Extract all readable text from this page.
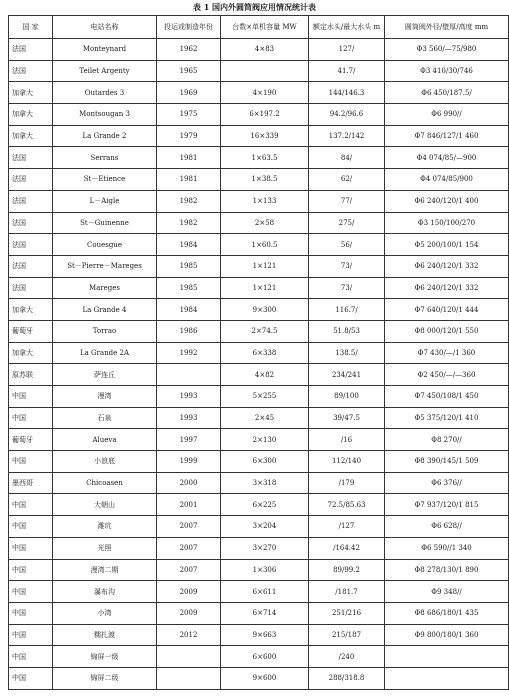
表 1 国内外圆筒阀应用情况统计表
国 家	电站名称	投运或制造年份	台数×单机容量 MW	额定水头/最大水头 m	圆筒阀外径/壁厚/高度 mm
法国	Monteynard	1962	4×83	127/	Φ3 560/—75/980
法国	Teilet Argenty	1965		41.7/	Φ3 410/30/746
加拿大	Outardes 3	1969	4×190	144/146.3	Φ6 450/187.5/
加拿大	Montsougan 3	1975	6×197.2	94.2/96.6	Φ6 990//
加拿大	La Grande 2	1979	16×339	137.2/142	Φ7 846/127/1 460
法国	Serrans	1981	1×63.5	84/	Φ4 074/85/—900
法国	St－Etience	1981	1×38.5	62/	Φ4 074/85/900
法国	L－Aigle	1982	1×133	77/	Φ6 240/120/1 400
法国	St－Guinenne	1982	2×58	275/	Φ3 150/100/270
法国	Couesgue	1984	1×60.5	56/	Φ5 200/100/1 154
法国	St－Pierre－Mareges	1985	1×121	73/	Φ6 240/120/1 332
法国	Mareges	1985	1×121	73/	Φ6 240/120/1 332
加拿大	La Grande 4	1984	9×300	116.7/	Φ7 640/120/1 444
葡萄牙	Torrao	1986	2×74.5	51.8/53	Φ8 000/120/1 550
加拿大	La Grande 2A	1992	6×338	138.5/	Φ7 430/—/1 360
原苏联	萨连丘		4×82	234/241	Φ2 450/—/—360
中国	漫湾	1993	5×255	89/100	Φ7 450/108/1 450
中国	石泉	1993	2×45	39/47.5	Φ5 375/120/1 410
葡萄牙	Alueva	1997	2×130	/16	Φ8 270//
中国	小浪底	1999	6×300	112/140	Φ8 390/145/1 509
墨西哥	Chicoasen	2000	3×318	/179	Φ6 376//
中国	大朝山	2001	6×225	72.5/85.63	Φ7 937/120/1 815
中国	潍坑	2007	3×204	/127	Φ6 628//
中国	光照	2007	3×270	/164.42	Φ6 590//1 340
中国	漫湾二期	2007	1×306	89/99.2	Φ8 278/130/1 890
中国	瀑布沟	2009	6×611	/181.7	Φ9 348//
中国	小湾	2009	6×714	251/216	Φ8 686/180/1 435
中国	糯扎渡	2012	9×663	215/187	Φ9 800/180/1 360
中国	锦屏一级		6×600	/240	
中国	锦屏二级		9×600	288/318.8	
